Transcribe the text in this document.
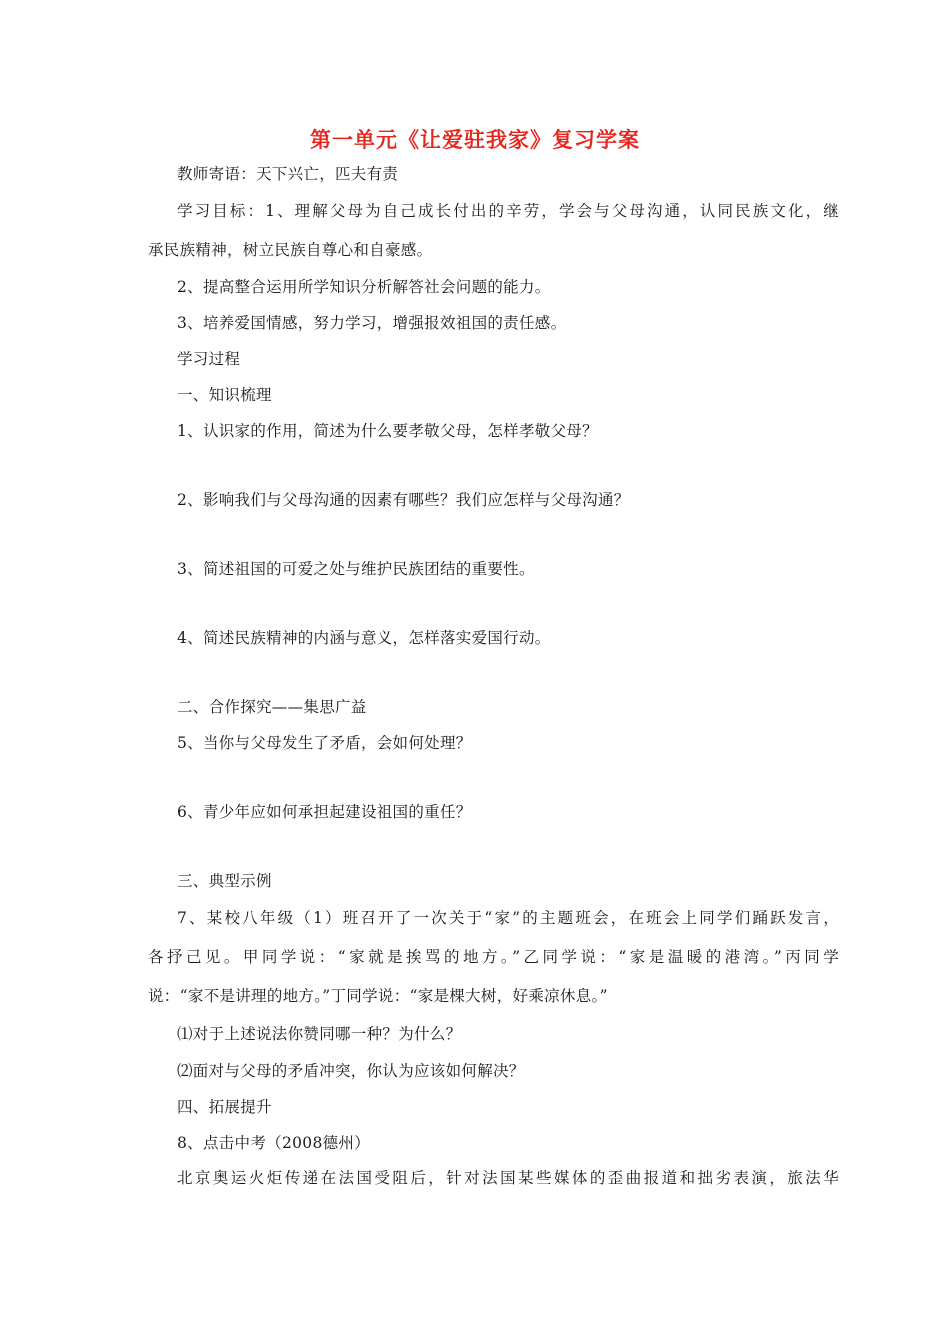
第一单元《让爱驻我家》复习学案
教师寄语：天下兴亡，匹夫有责
学习目标：1、理解父母为自己成长付出的辛劳，学会与父母沟通，认同民族文化，继
承民族精神，树立民族自尊心和自豪感。
2、提高整合运用所学知识分析解答社会问题的能力。
3、培养爱国情感，努力学习，增强报效祖国的责任感。
学习过程
一、知识梳理
1、认识家的作用，简述为什么要孝敬父母，怎样孝敬父母？
2、影响我们与父母沟通的因素有哪些？我们应怎样与父母沟通？
3、简述祖国的可爱之处与维护民族团结的重要性。
4、简述民族精神的内涵与意义，怎样落实爱国行动。
二、合作探究——集思广益
5、当你与父母发生了矛盾，会如何处理？
6、青少年应如何承担起建设祖国的重任？
三、典型示例
7、某校八年级（1）班召开了一次关于“家”的主题班会，在班会上同学们踊跃发言，
各抒己见。甲同学说：“家就是挨骂的地方。”乙同学说：“家是温暖的港湾。”丙同学
说：“家不是讲理的地方。”丁同学说：“家是棵大树，好乘凉休息。”
⑴对于上述说法你赞同哪一种？为什么？
⑵面对与父母的矛盾冲突，你认为应该如何解决？
四、拓展提升
8、点击中考（2008德州）
北京奥运火炬传递在法国受阻后，针对法国某些媒体的歪曲报道和拙劣表演，旅法华
